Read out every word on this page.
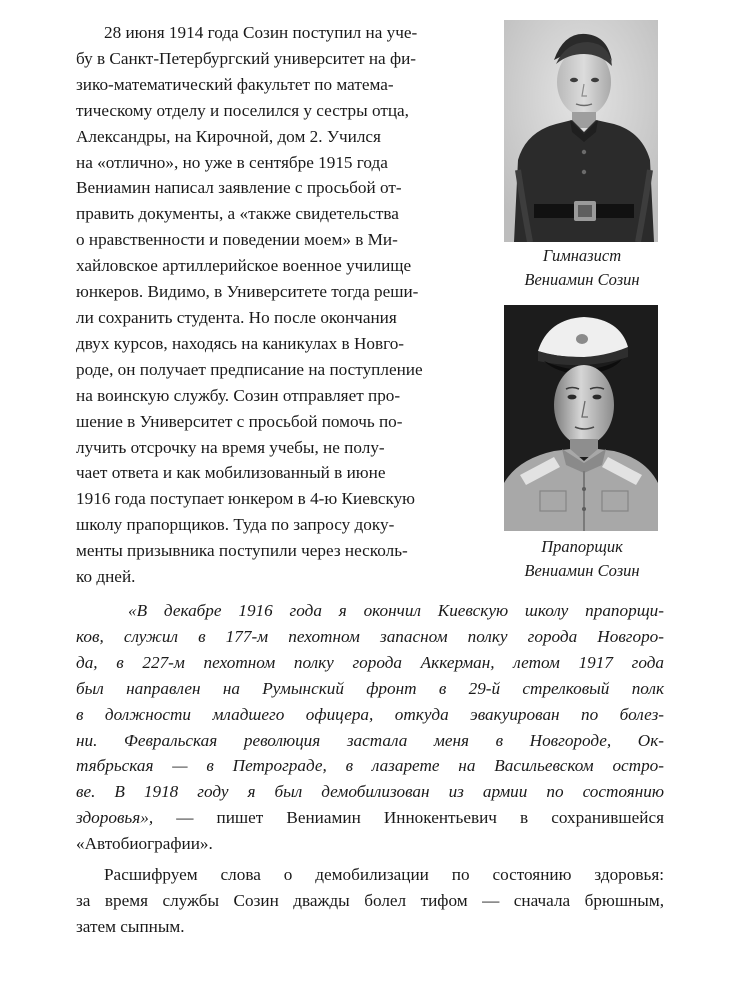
28 июня 1914 года Созин поступил на уче-
бу в Санкт-Петербургский университет на фи-
зико-математический факультет по матема-
тическому отделу и поселился у сестры отца,
Александры, на Кирочной, дом 2. Учился
на «отлично», но уже в сентябре 1915 года
Вениамин написал заявление с просьбой от-
править документы, а «также свидетельства
о нравственности и поведении моем» в Ми-
хайловское артиллерийское военное училище
юнкеров. Видимо, в Университете тогда реши-
ли сохранить студента. Но после окончания
двух курсов, находясь на каникулах в Новго-
роде, он получает предписание на поступление
на воинскую службу. Созин отправляет про-
шение в Университет с просьбой помочь по-
лучить отсрочку на время учебы, не полу-
чает ответа и как мобилизованный в июне
1916 года поступает юнкером в 4-ю Киевскую
школу прапорщиков. Туда по запросу доку-
менты призывника поступили через несколь-
ко дней.

Гимназист
Вениамин Созин
Прапорщик
Вениамин Созин

«В декабре 1916 года я окончил Киевскую школу прапорщи-
ков, служил в 177-м пехотном запасном полку города Новгоро-
да, в 227-м пехотном полку города Аккерман, летом 1917 года
был направлен на Румынский фронт в 29-й стрелковый полк
в должности младшего офицера, откуда эвакуирован по болез-
ни. Февральская революция застала меня в Новгороде, Ок-
тябрьская — в Петрограде, в лазарете на Васильевском остро-
ве. В 1918 году я был демобилизован из армии по состоянию
здоровья», — пишет Вениамин Иннокентьевич в сохранившейся
«Автобиографии».

Расшифруем слова о демобилизации по состоянию здоровья:
за время службы Созин дважды болел тифом — сначала брюшным,
затем сыпным.
